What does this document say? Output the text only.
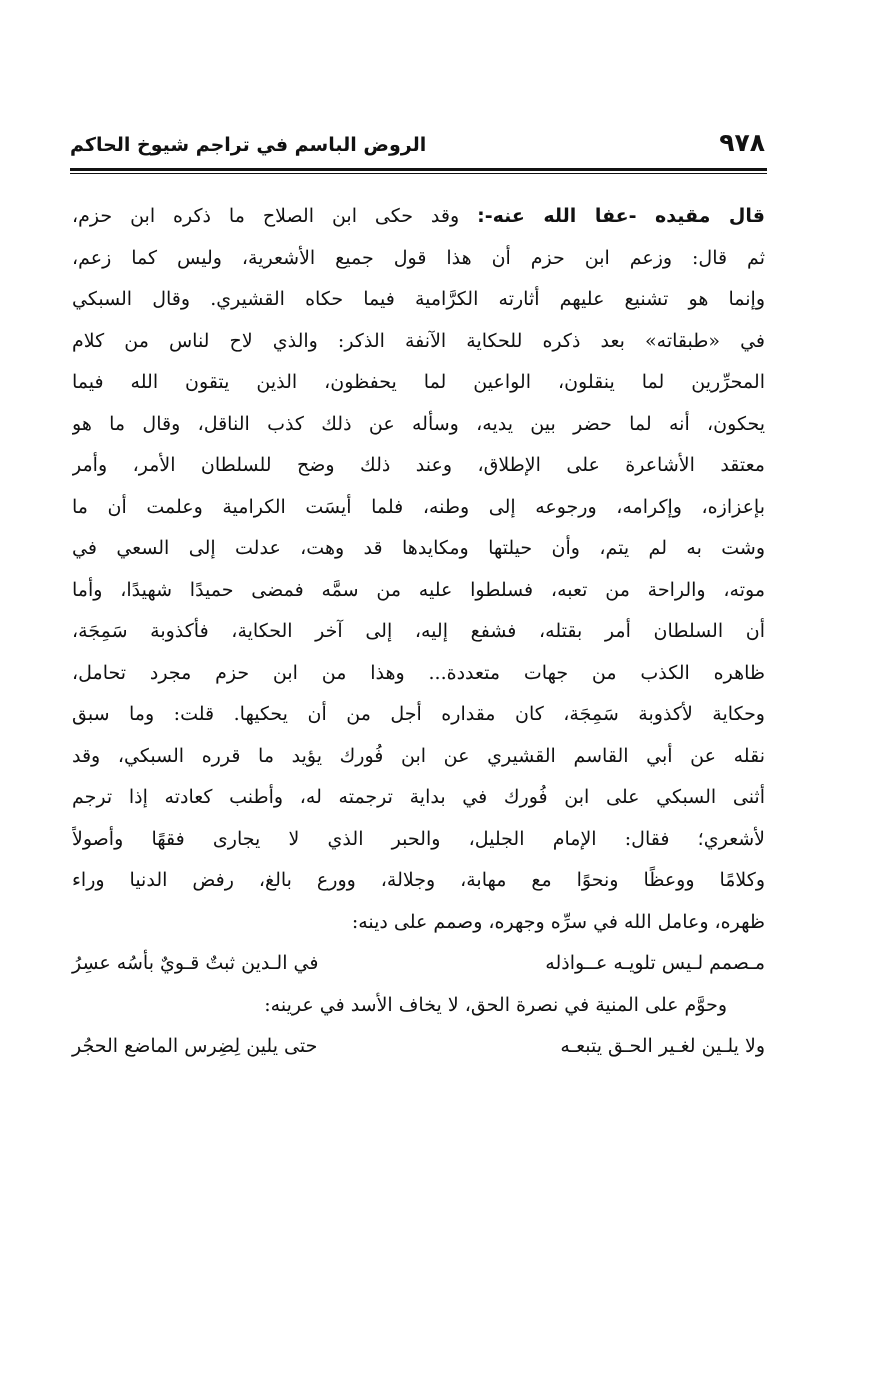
٩٧٨
الروض الباسم في تراجم شيوخ الحاكم
قال مقيده -عفا الله عنه-: وقد حكى ابن الصلاح ما ذكره ابن حزم،
ثم قال: وزعم ابن حزم أن هذا قول جميع الأشعرية، وليس كما زعم،
وإنما هو تشنيع عليهم أثارته الكرَّامية فيما حكاه القشيري. وقال السبكي
في «طبقاته» بعد ذكره للحكاية الآنفة الذكر: والذي لاح لناس من كلام
المحرِّرين لما ينقلون، الواعين لما يحفظون، الذين يتقون الله فيما
يحكون، أنه لما حضر بين يديه، وسأله عن ذلك كذب الناقل، وقال ما هو
معتقد الأشاعرة على الإطلاق، وعند ذلك وضح للسلطان الأمر، وأمر
بإعزازه، وإكرامه، ورجوعه إلى وطنه، فلما أيسَت الكرامية وعلمت أن ما
وشت به لم يتم، وأن حيلتها ومكايدها قد وهت، عدلت إلى السعي في
موته، والراحة من تعبه، فسلطوا عليه من سمَّه فمضى حميدًا شهيدًا، وأما
أن السلطان أمر بقتله، فشفع إليه، إلى آخر الحكاية، فأكذوبة سَمِجَة،
ظاهره الكذب من جهات متعددة... وهذا من ابن حزم مجرد تحامل،
وحكاية لأكذوبة سَمِجَة، كان مقداره أجل من أن يحكيها. قلت: وما سبق
نقله عن أبي القاسم القشيري عن ابن فُورك يؤيد ما قرره السبكي، وقد
أثنى السبكي على ابن فُورك في بداية ترجمته له، وأطنب كعادته إذا ترجم
لأشعري؛ فقال: الإمام الجليل، والحبر الذي لا يجارى فقهًا وأصولاً
وكلامًا ووعظًا ونحوًا مع مهابة، وجلالة، وورع بالغ، رفض الدنيا وراء
ظهره، وعامل الله في سرِّه وجهره، وصمم على دينه:
مـصمم لـيس تلويـه عــواذله
في الـدين ثبتٌ قـويٌ بأسُه عسِرُ
وحوَّم على المنية في نصرة الحق، لا يخاف الأسد في عرينه:
ولا يلـين لغـير الحـق يتبعـه
حتى يلين لِضِرس الماضع الحجُر
